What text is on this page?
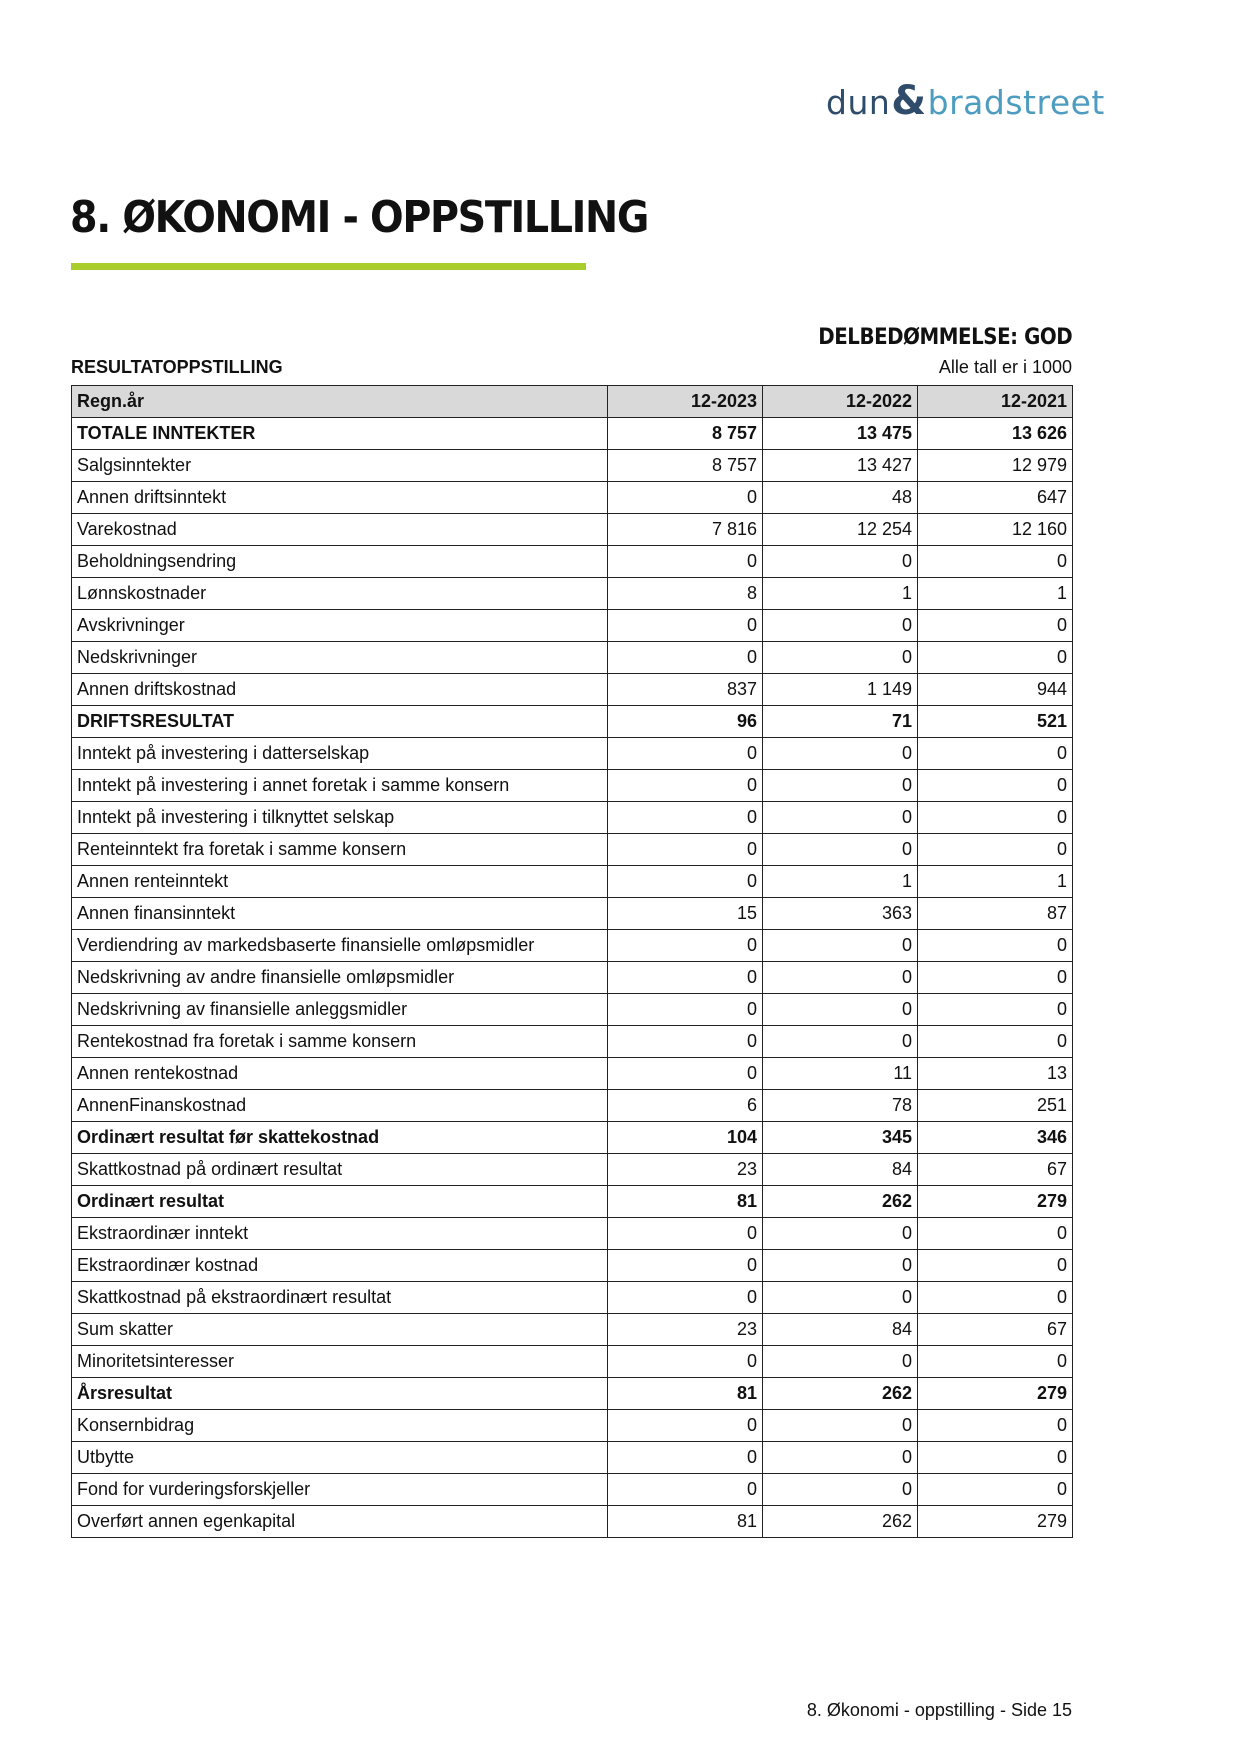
dun & bradstreet
8. ØKONOMI - OPPSTILLING
DELBEDØMMELSE: GOD
RESULTATOPPSTILLING	Alle tall er i 1000
Regn.år	12-2023	12-2022	12-2021
TOTALE INNTEKTER	8 757	13 475	13 626
Salgsinntekter	8 757	13 427	12 979
Annen driftsinntekt	0	48	647
Varekostnad	7 816	12 254	12 160
Beholdningsendring	0	0	0
Lønnskostnader	8	1	1
Avskrivninger	0	0	0
Nedskrivninger	0	0	0
Annen driftskostnad	837	1 149	944
DRIFTSRESULTAT	96	71	521
Inntekt på investering i datterselskap	0	0	0
Inntekt på investering i annet foretak i samme konsern	0	0	0
Inntekt på investering i tilknyttet selskap	0	0	0
Renteinntekt fra foretak i samme konsern	0	0	0
Annen renteinntekt	0	1	1
Annen finansinntekt	15	363	87
Verdiendring av markedsbaserte finansielle omløpsmidler	0	0	0
Nedskrivning av andre finansielle omløpsmidler	0	0	0
Nedskrivning av finansielle anleggsmidler	0	0	0
Rentekostnad fra foretak i samme konsern	0	0	0
Annen rentekostnad	0	11	13
AnnenFinanskostnad	6	78	251
Ordinært resultat før skattekostnad	104	345	346
Skattkostnad på ordinært resultat	23	84	67
Ordinært resultat	81	262	279
Ekstraordinær inntekt	0	0	0
Ekstraordinær kostnad	0	0	0
Skattkostnad på ekstraordinært resultat	0	0	0
Sum skatter	23	84	67
Minoritetsinteresser	0	0	0
Årsresultat	81	262	279
Konsernbidrag	0	0	0
Utbytte	0	0	0
Fond for vurderingsforskjeller	0	0	0
Overført annen egenkapital	81	262	279
8. Økonomi - oppstilling - Side 15
